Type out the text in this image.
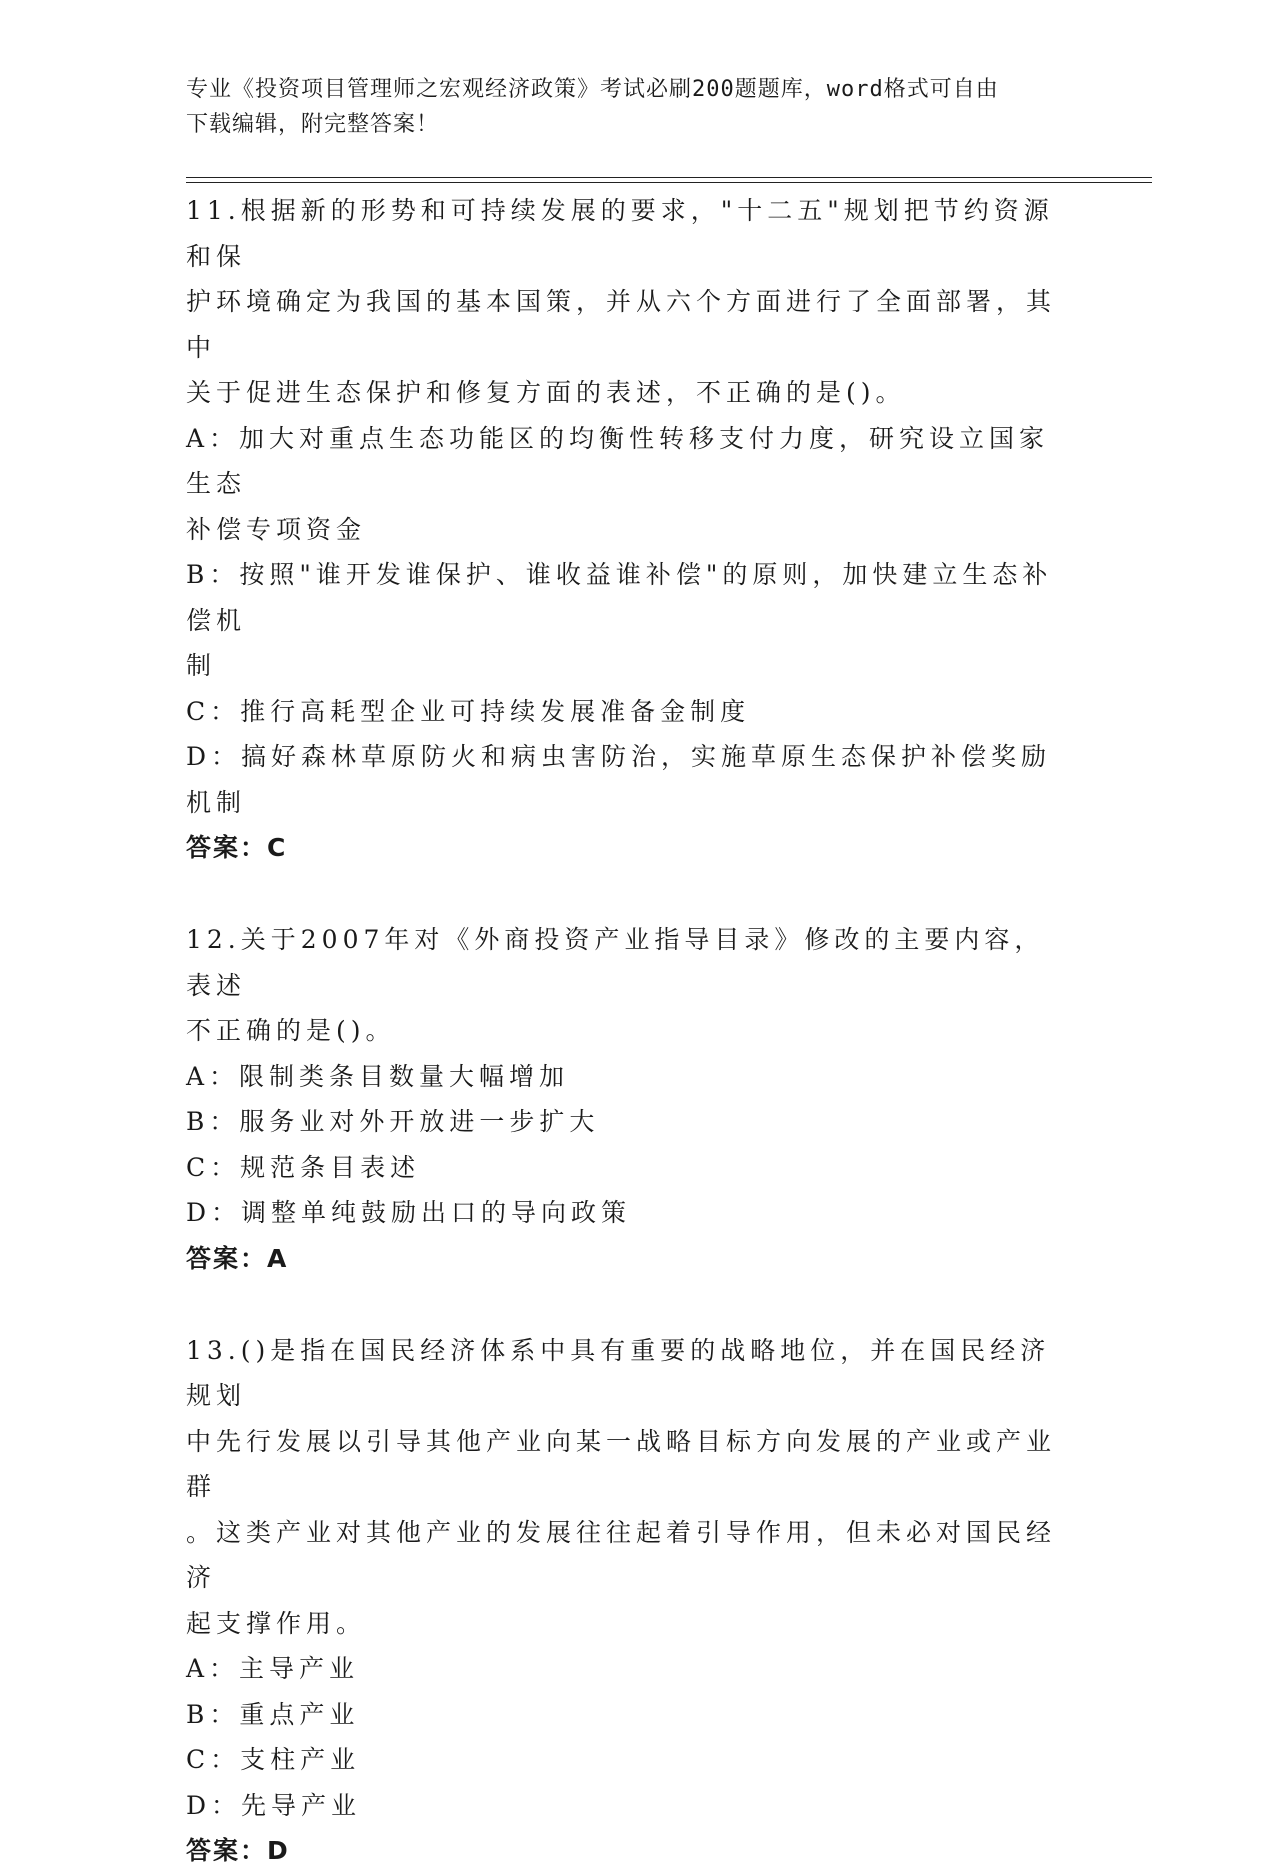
专业《投资项目管理师之宏观经济政策》考试必刷200题题库，word格式可自由
下载编辑，附完整答案！
11.根据新的形势和可持续发展的要求，"十二五"规划把节约资源和保
护环境确定为我国的基本国策，并从六个方面进行了全面部署，其中
关于促进生态保护和修复方面的表述，不正确的是()。
A：加大对重点生态功能区的均衡性转移支付力度，研究设立国家生态
补偿专项资金
B：按照"谁开发谁保护、谁收益谁补偿"的原则，加快建立生态补偿机
制
C：推行高耗型企业可持续发展准备金制度
D：搞好森林草原防火和病虫害防治，实施草原生态保护补偿奖励机制
答案：C
12.关于2007年对《外商投资产业指导目录》修改的主要内容，表述
不正确的是()。
A：限制类条目数量大幅增加
B：服务业对外开放进一步扩大
C：规范条目表述
D：调整单纯鼓励出口的导向政策
答案：A
13.()是指在国民经济体系中具有重要的战略地位，并在国民经济规划
中先行发展以引导其他产业向某一战略目标方向发展的产业或产业群
。这类产业对其他产业的发展往往起着引导作用，但未必对国民经济
起支撑作用。
A：主导产业
B：重点产业
C：支柱产业
D：先导产业
答案：D
